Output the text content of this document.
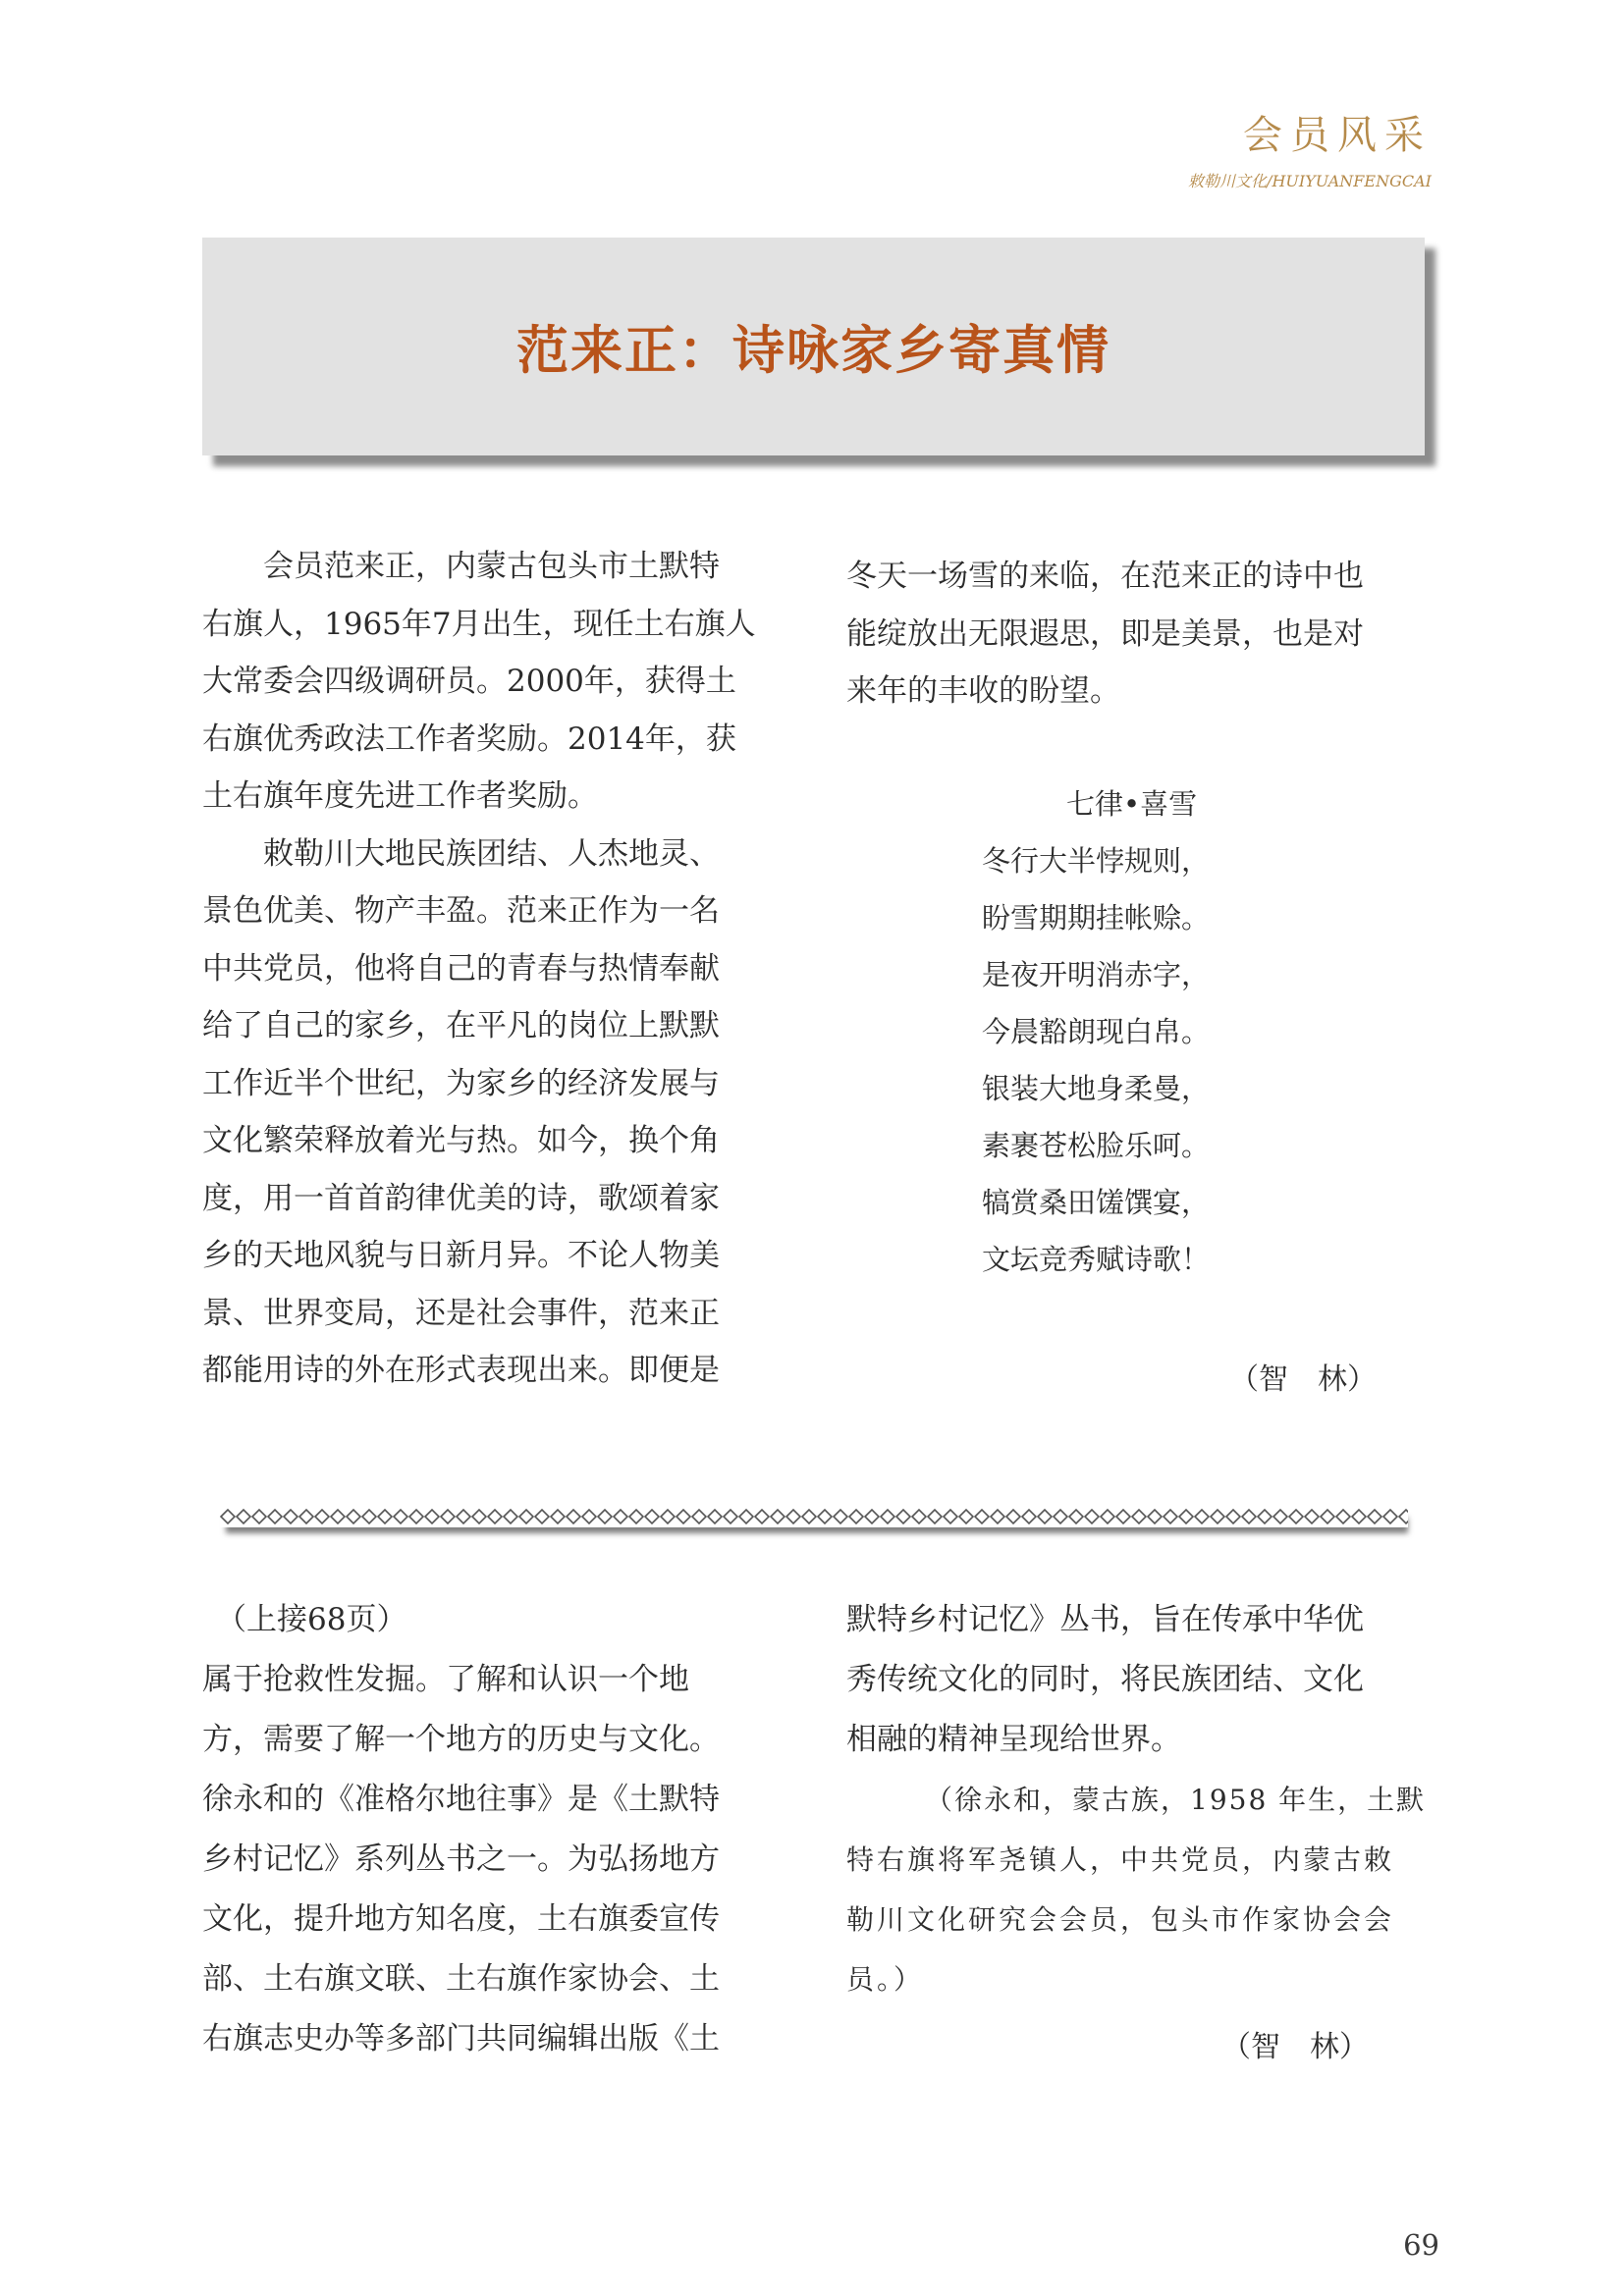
会员风采
敕勒川文化/HUIYUANFENGCAI
范来正：诗咏家乡寄真情

会员范来正，内蒙古包头市土默特
右旗人，1965年7月出生，现任土右旗人
大常委会四级调研员。2000年，获得土
右旗优秀政法工作者奖励。2014年，获
土右旗年度先进工作者奖励。

敕勒川大地民族团结、人杰地灵、
景色优美、物产丰盈。范来正作为一名
中共党员，他将自己的青春与热情奉献
给了自己的家乡，在平凡的岗位上默默
工作近半个世纪，为家乡的经济发展与
文化繁荣释放着光与热。如今，换个角
度，用一首首韵律优美的诗，歌颂着家
乡的天地风貌与日新月异。不论人物美
景、世界变局，还是社会事件，范来正
都能用诗的外在形式表现出来。即便是

冬天一场雪的来临，在范来正的诗中也
能绽放出无限遐思，即是美景，也是对
来年的丰收的盼望。
七律•喜雪
冬行大半悖规则，
盼雪期期挂帐赊。
是夜开明消赤字，
今晨豁朗现白帛。
银装大地身柔曼，
素裹苍松脸乐呵。
犒赏桑田馐馔宴，
文坛竞秀赋诗歌！
（智　林）
（上接68页）
属于抢救性发掘。了解和认识一个地
方，需要了解一个地方的历史与文化。
徐永和的《准格尔地往事》是《土默特
乡村记忆》系列丛书之一。为弘扬地方
文化，提升地方知名度，土右旗委宣传
部、土右旗文联、土右旗作家协会、土
右旗志史办等多部门共同编辑出版《土
默特乡村记忆》丛书，旨在传承中华优
秀传统文化的同时，将民族团结、文化
相融的精神呈现给世界。
（徐永和，蒙古族，1958 年生，土默
特右旗将军尧镇人，中共党员，内蒙古敕
勒川文化研究会会员，包头市作家协会会
员。）
（智　林）
69
